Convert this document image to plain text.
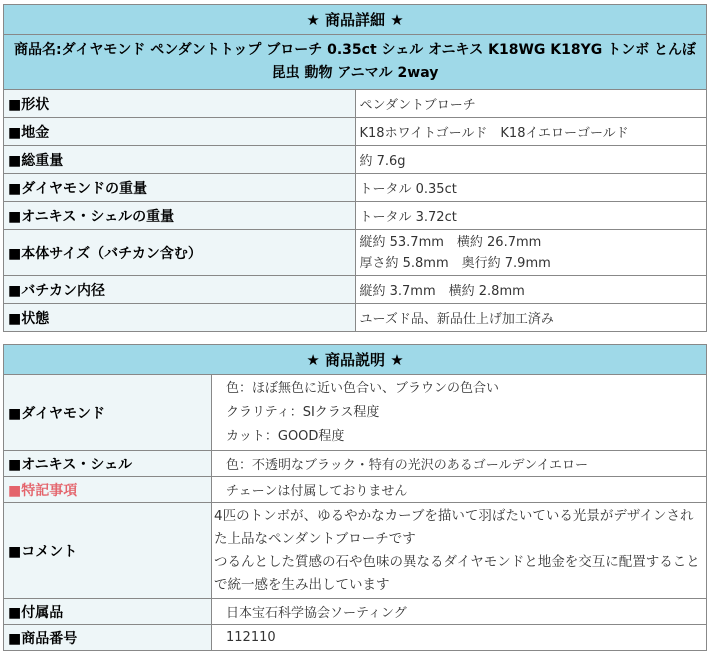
★ 商品詳細 ★	
商品名:ダイヤモンド ペンダントトップ ブローチ 0.35ct シェル オニキス K18WG K18YG トンボ とんぼ 昆虫 動物 アニマル 2way	
■形状	ペンダントブローチ
■地金	K18ホワイトゴールド　K18イエローゴールド
■総重量	約 7.6g
■ダイヤモンドの重量	トータル 0.35ct
■オニキス・シェルの重量	トータル 3.72ct
■本体サイズ（バチカン含む）	縦約 53.7mm　横約 26.7mm
厚さ約 5.8mm　奥行約 7.9mm

■バチカン内径	縦約 3.7mm　横約 2.8mm
■状態	ユーズド品、新品仕上げ加工済み
★ 商品説明 ★	
■ダイヤモンド	色：ほぼ無色に近い色合い、ブラウンの色合い
クラリティ：SIクラス程度
カット：GOOD程度

■オニキス・シェル	色：不透明なブラック・特有の光沢のあるゴールデンイエロー
■特記事項	チェーンは付属しておりません
■コメント	4匹のトンボが、ゆるやかなカーブを描いて羽ばたいている光景がデザインされた上品なペンダントブローチです
つるんとした質感の石や色味の異なるダイヤモンドと地金を交互に配置することで統一感を生み出しています

■付属品	日本宝石科学協会ソーティング
■商品番号	112110
